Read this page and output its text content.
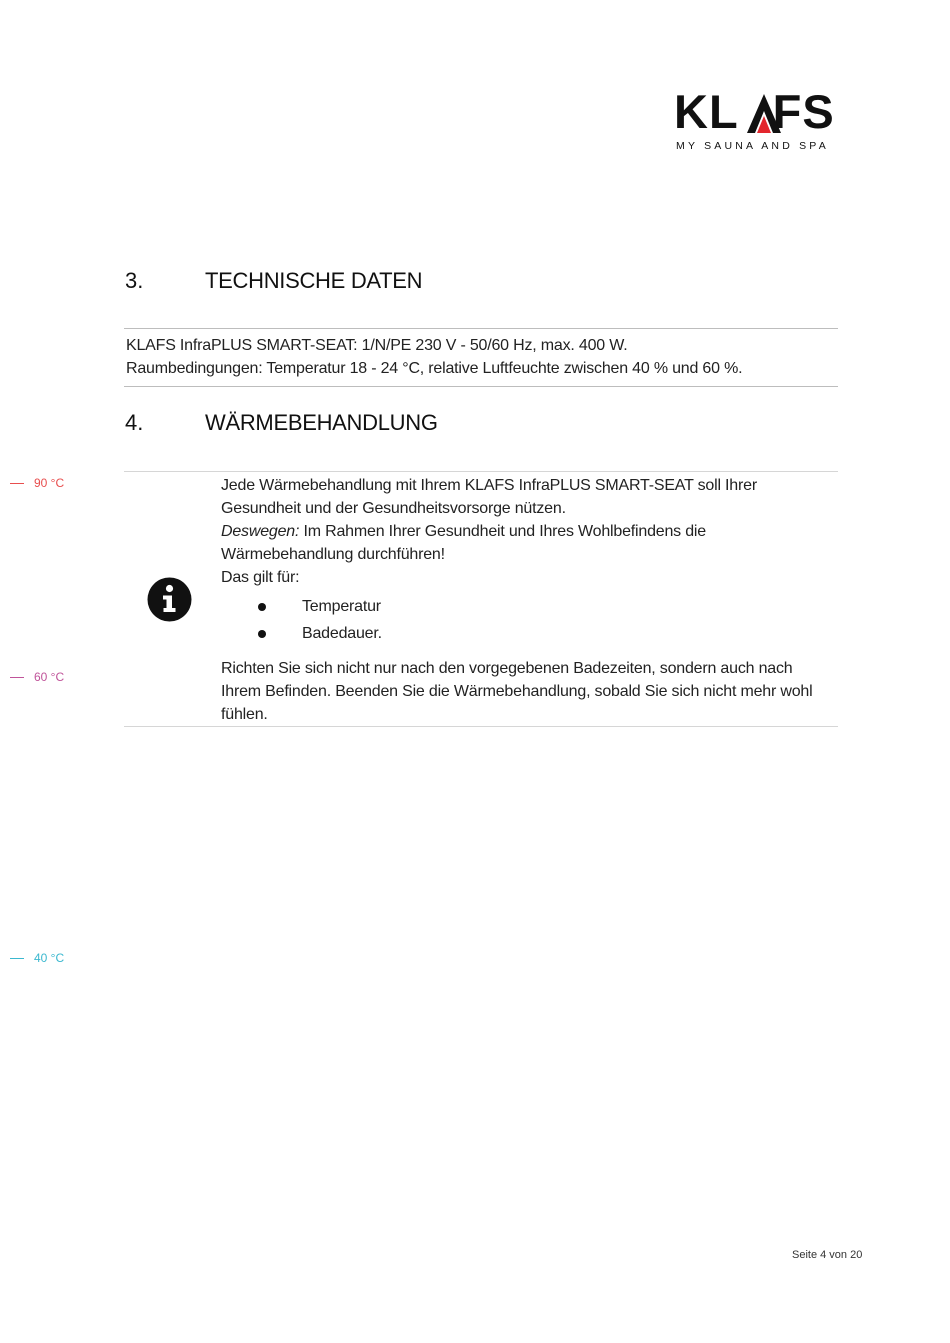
KL FS
MY SAUNA AND SPA
3.	TECHNISCHE DATEN
KLAFS InfraPLUS SMART-SEAT: 1/N/PE 230 V - 50/60 Hz, max. 400 W.
Raumbedingungen: Temperatur 18 - 24 °C, relative Luftfeuchte zwischen 40 % und 60 %.
4.	WÄRMEBEHANDLUNG

Jede Wärmebehandlung mit Ihrem KLAFS InfraPLUS SMART-SEAT soll Ihrer Gesundheit und der Gesundheitsvorsorge nützen.

Deswegen: Im Rahmen Ihrer Gesundheit und Ihres Wohlbefindens die Wärmebehandlung durchführen!

Das gilt für:

Temperatur
Badedauer.

Richten Sie sich nicht nur nach den vorgegebenen Badezeiten, sondern auch nach Ihrem Befinden. Beenden Sie die Wärmebehandlung, sobald Sie sich nicht mehr wohl fühlen.

90 °C
60 °C
40 °C
Seite 4 von 20
